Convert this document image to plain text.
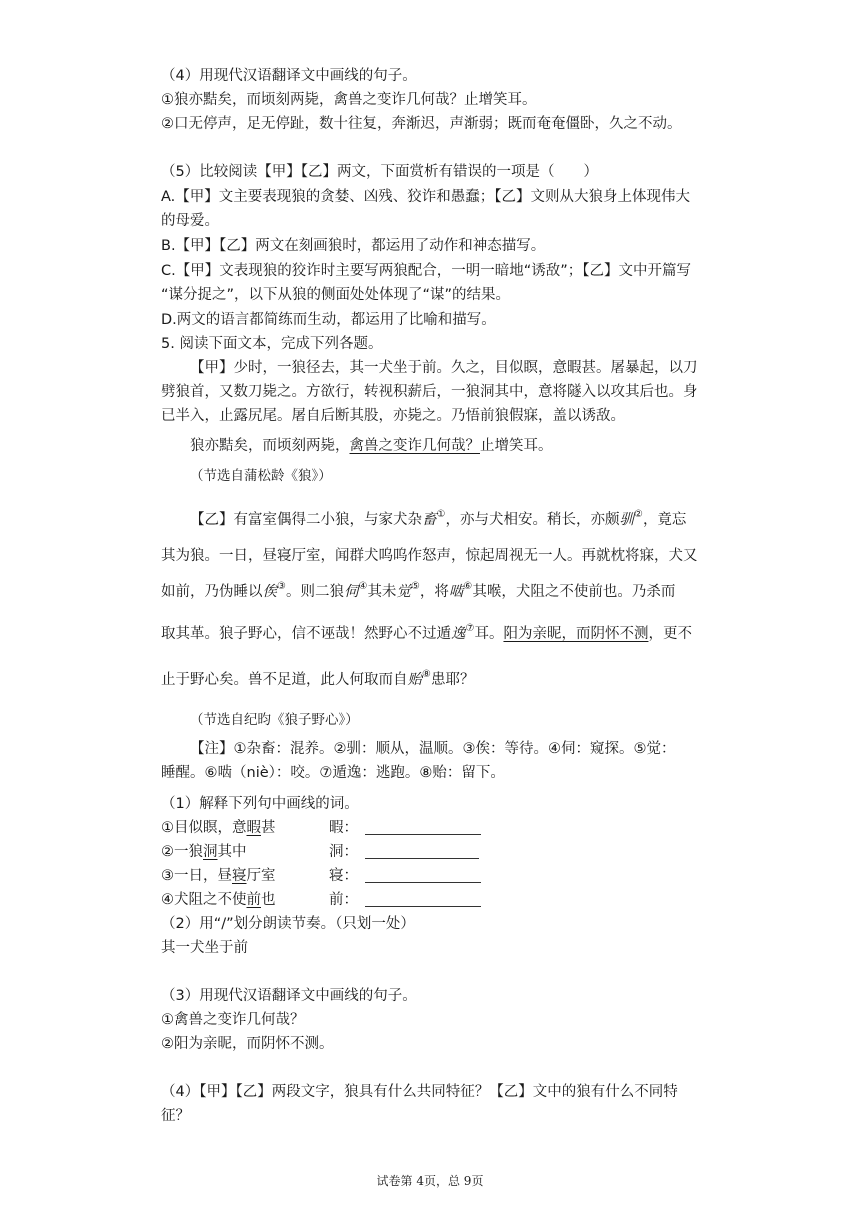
（4）用现代汉语翻译文中画线的句子。
①狼亦黠矣，而顷刻两毙，禽兽之变诈几何哉？止增笑耳。
②口无停声，足无停趾，数十往复，奔渐迟，声渐弱；既而奄奄僵卧，久之不动。
（5）比较阅读【甲】【乙】两文，下面赏析有错误的一项是（　　）
A.【甲】文主要表现狼的贪婪、凶残、狡诈和愚蠢；【乙】文则从大狼身上体现伟大
的母爱。
B.【甲】【乙】两文在刻画狼时，都运用了动作和神态描写。
C.【甲】文表现狼的狡诈时主要写两狼配合，一明一暗地“诱敌”；【乙】文中开篇写
“谋分捉之”，以下从狼的侧面处处体现了“谋”的结果。
D.两文的语言都简练而生动，都运用了比喻和描写。
5. 阅读下面文本，完成下列各题。
【甲】少时，一狼径去，其一犬坐于前。久之，目似瞑，意暇甚。屠暴起，以刀
劈狼首，又数刀毙之。方欲行，转视积薪后，一狼洞其中，意将隧入以攻其后也。身
已半入，止露尻尾。屠自后断其股，亦毙之。乃悟前狼假寐，盖以诱敌。
狼亦黠矣，而顷刻两毙，禽兽之变诈几何哉？止增笑耳。
（节选自蒲松龄《狼》）
【乙】有富室偶得二小狼，与家犬杂畜①，亦与犬相安。稍长，亦颇驯②，竟忘
其为狼。一日，昼寝厅室，闻群犬呜呜作怒声，惊起周视无一人。再就枕将寐，犬又
如前，乃伪睡以俟③。则二狼伺④其未觉⑤，将啮⑥其喉，犬阻之不使前也。乃杀而
取其革。狼子野心，信不诬哉！然野心不过遁逸⑦耳。阳为亲昵，而阴怀不测，更不
止于野心矣。兽不足道，此人何取而自贻⑧患耶？
（节选自纪昀《狼子野心》）
【注】①杂畜：混养。②驯：顺从，温顺。③俟：等待。④伺：窥探。⑤觉：
睡醒。⑥啮（niè）：咬。⑦遁逸：逃跑。⑧贻：留下。
（1）解释下列句中画线的词。
①目似瞑，意暇甚	暇：
②一狼洞其中	洞：
③一日，昼寝厅室	寝：
④犬阻之不使前也	前：
（2）用“/”划分朗读节奏。（只划一处）
其一犬坐于前
（3）用现代汉语翻译文中画线的句子。
①禽兽之变诈几何哉？
②阳为亲昵，而阴怀不测。
（4）【甲】【乙】两段文字，狼具有什么共同特征？【乙】文中的狼有什么不同特
征？
试卷第 4页，总 9页
